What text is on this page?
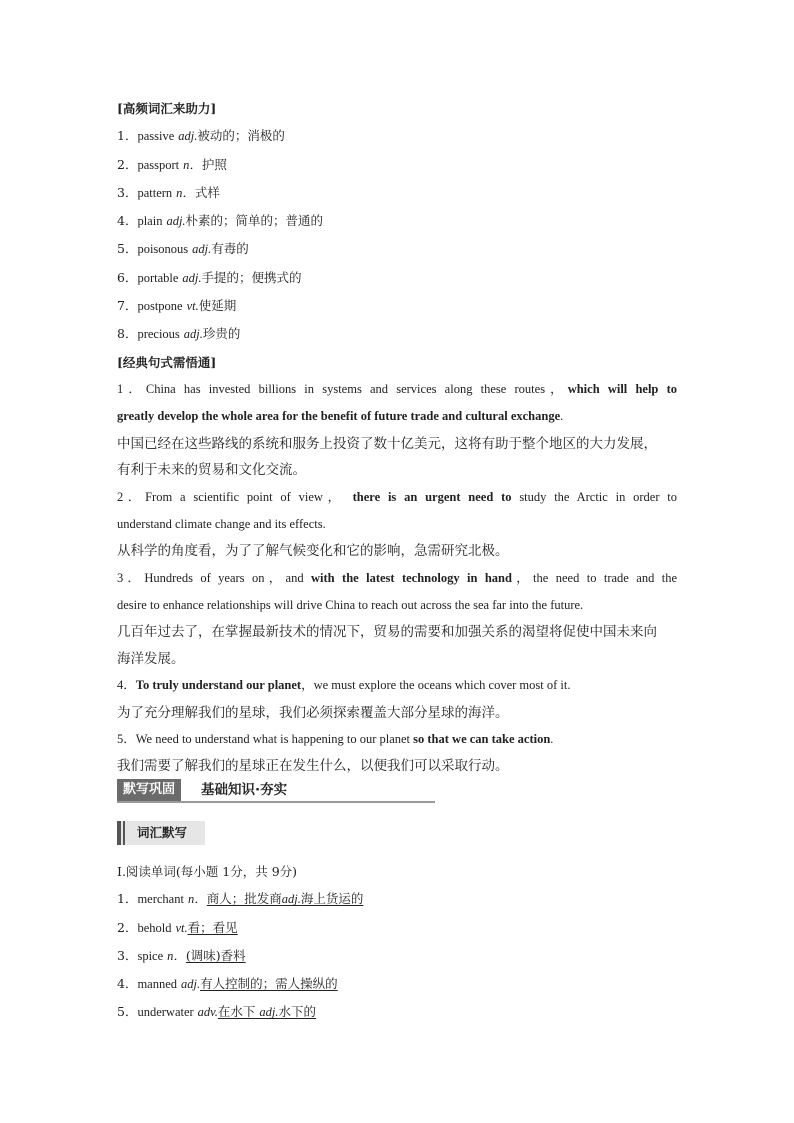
[高频词汇来助力]
1．passive adj.被动的；消极的
2．passport n．护照
3．pattern n．式样
4．plain adj.朴素的；简单的；普通的
5．poisonous adj.有毒的
6．portable adj.手提的；便携式的
7．postpone vt.使延期
8．precious adj.珍贵的
[经典句式需悟通]
1．China has invested billions in systems and services along these routes，which will help to
greatly develop the whole area for the benefit of future trade and cultural exchange.
中国已经在这些路线的系统和服务上投资了数十亿美元，这将有助于整个地区的大力发展，
有利于未来的贸易和文化交流。
2．From a scientific point of view， there is an urgent need to study the Arctic in order to
understand climate change and its effects.
从科学的角度看，为了了解气候变化和它的影响，急需研究北极。
3．Hundreds of years on，and with the latest technology in hand，the need to trade and the
desire to enhance relationships will drive China to reach out across the sea far into the future.
几百年过去了，在掌握最新技术的情况下，贸易的需要和加强关系的渴望将促使中国未来向
海洋发展。
4．To truly understand our planet，we must explore the oceans which cover most of it.
为了充分理解我们的星球，我们必须探索覆盖大部分星球的海洋。
5．We need to understand what is happening to our planet so that we can take action.
我们需要了解我们的星球正在发生什么，以便我们可以采取行动。
默写巩固	基础知识·夯实
词汇默写
Ⅰ.阅读单词(每小题 1分，共 9分)
1．merchant n．商人；批发商adj.海上货运的
2．behold vt.看；看见
3．spice n．(调味)香料
4．manned adj.有人控制的；需人操纵的
5．underwater adv.在水下 adj.水下的
